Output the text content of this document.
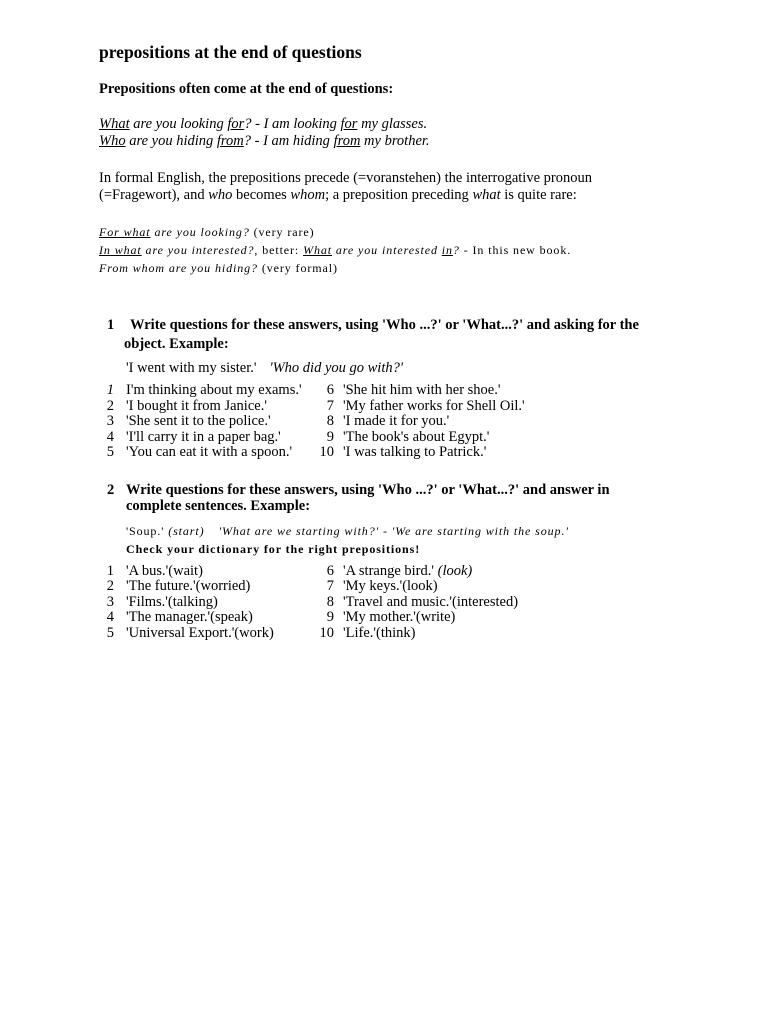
prepositions at the end of questions
Prepositions often come at the end of questions:
What are you looking for? - I am looking for my glasses.
Who are you hiding from? - I am hiding from my brother.
In formal English, the prepositions precede (=voranstehen) the interrogative pronoun
(=Fragewort), and who becomes whom; a preposition preceding what is quite rare:
For what are you looking? (very rare)
In what are you interested?, better: What are you interested in? - In this new book.
From whom are you hiding? (very formal)
1 Write questions for these answers, using 'Who ...?' or 'What...?' and asking for the
object. Example:
'I went with my sister.' 'Who did you go with?'
1 I'm thinking about my exams.'
2 'I bought it from Janice.'
3 'She sent it to the police.'
4 'I'll carry it in a paper bag.'
5 'You can eat it with a spoon.'
6 'She hit him with her shoe.'
7 'My father works for Shell Oil.'
8 'I made it for you.'
9 'The book's about Egypt.'
10 'I was talking to Patrick.'
2 Write questions for these answers, using 'Who ...?' or 'What...?' and answer in
complete sentences. Example:
'Soup.' (start) 'What are we starting with?' - 'We are starting with the soup.'
Check your dictionary for the right prepositions!
1 'A bus.'(wait)
2 'The future.'(worried)
3 'Films.'(talking)
4 'The manager.'(speak)
5 'Universal Export.'(work)
6 'A strange bird.' (look)
7 'My keys.'(look)
8 'Travel and music.'(interested)
9 'My mother.'(write)
10 'Life.'(think)
